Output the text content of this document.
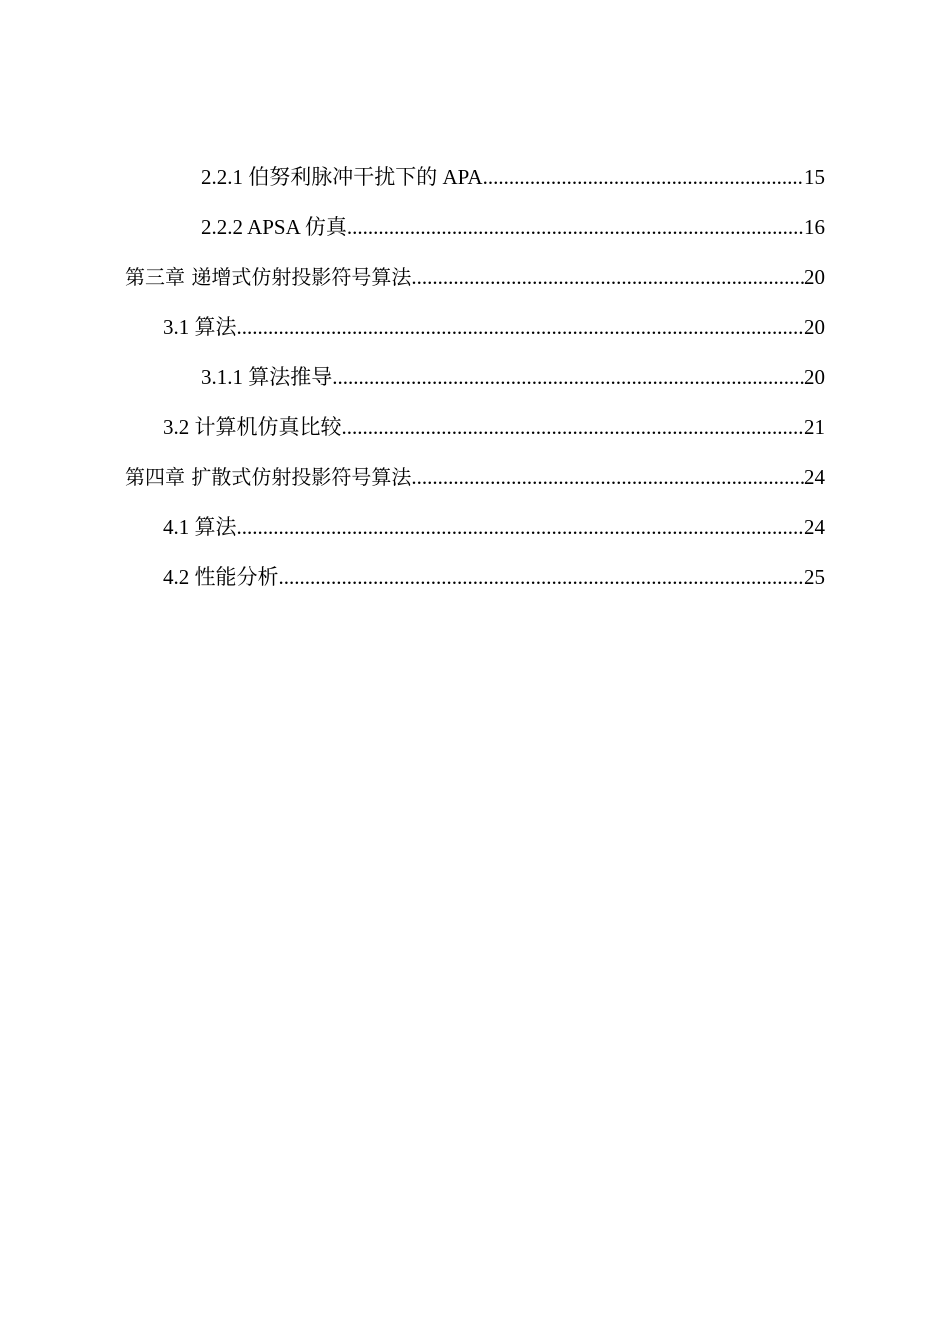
2.2.1 伯努利脉冲干扰下的 APA .....	15
2.2.2 APSA 仿真 .....	16
第三章 递增式仿射投影符号算法 .....	20
3.1 算法 .....	20
3.1.1 算法推导 .....	20
3.2 计算机仿真比较 .....	21
第四章 扩散式仿射投影符号算法 .....	24
4.1 算法 .....	24
4.2 性能分析 .....	25
